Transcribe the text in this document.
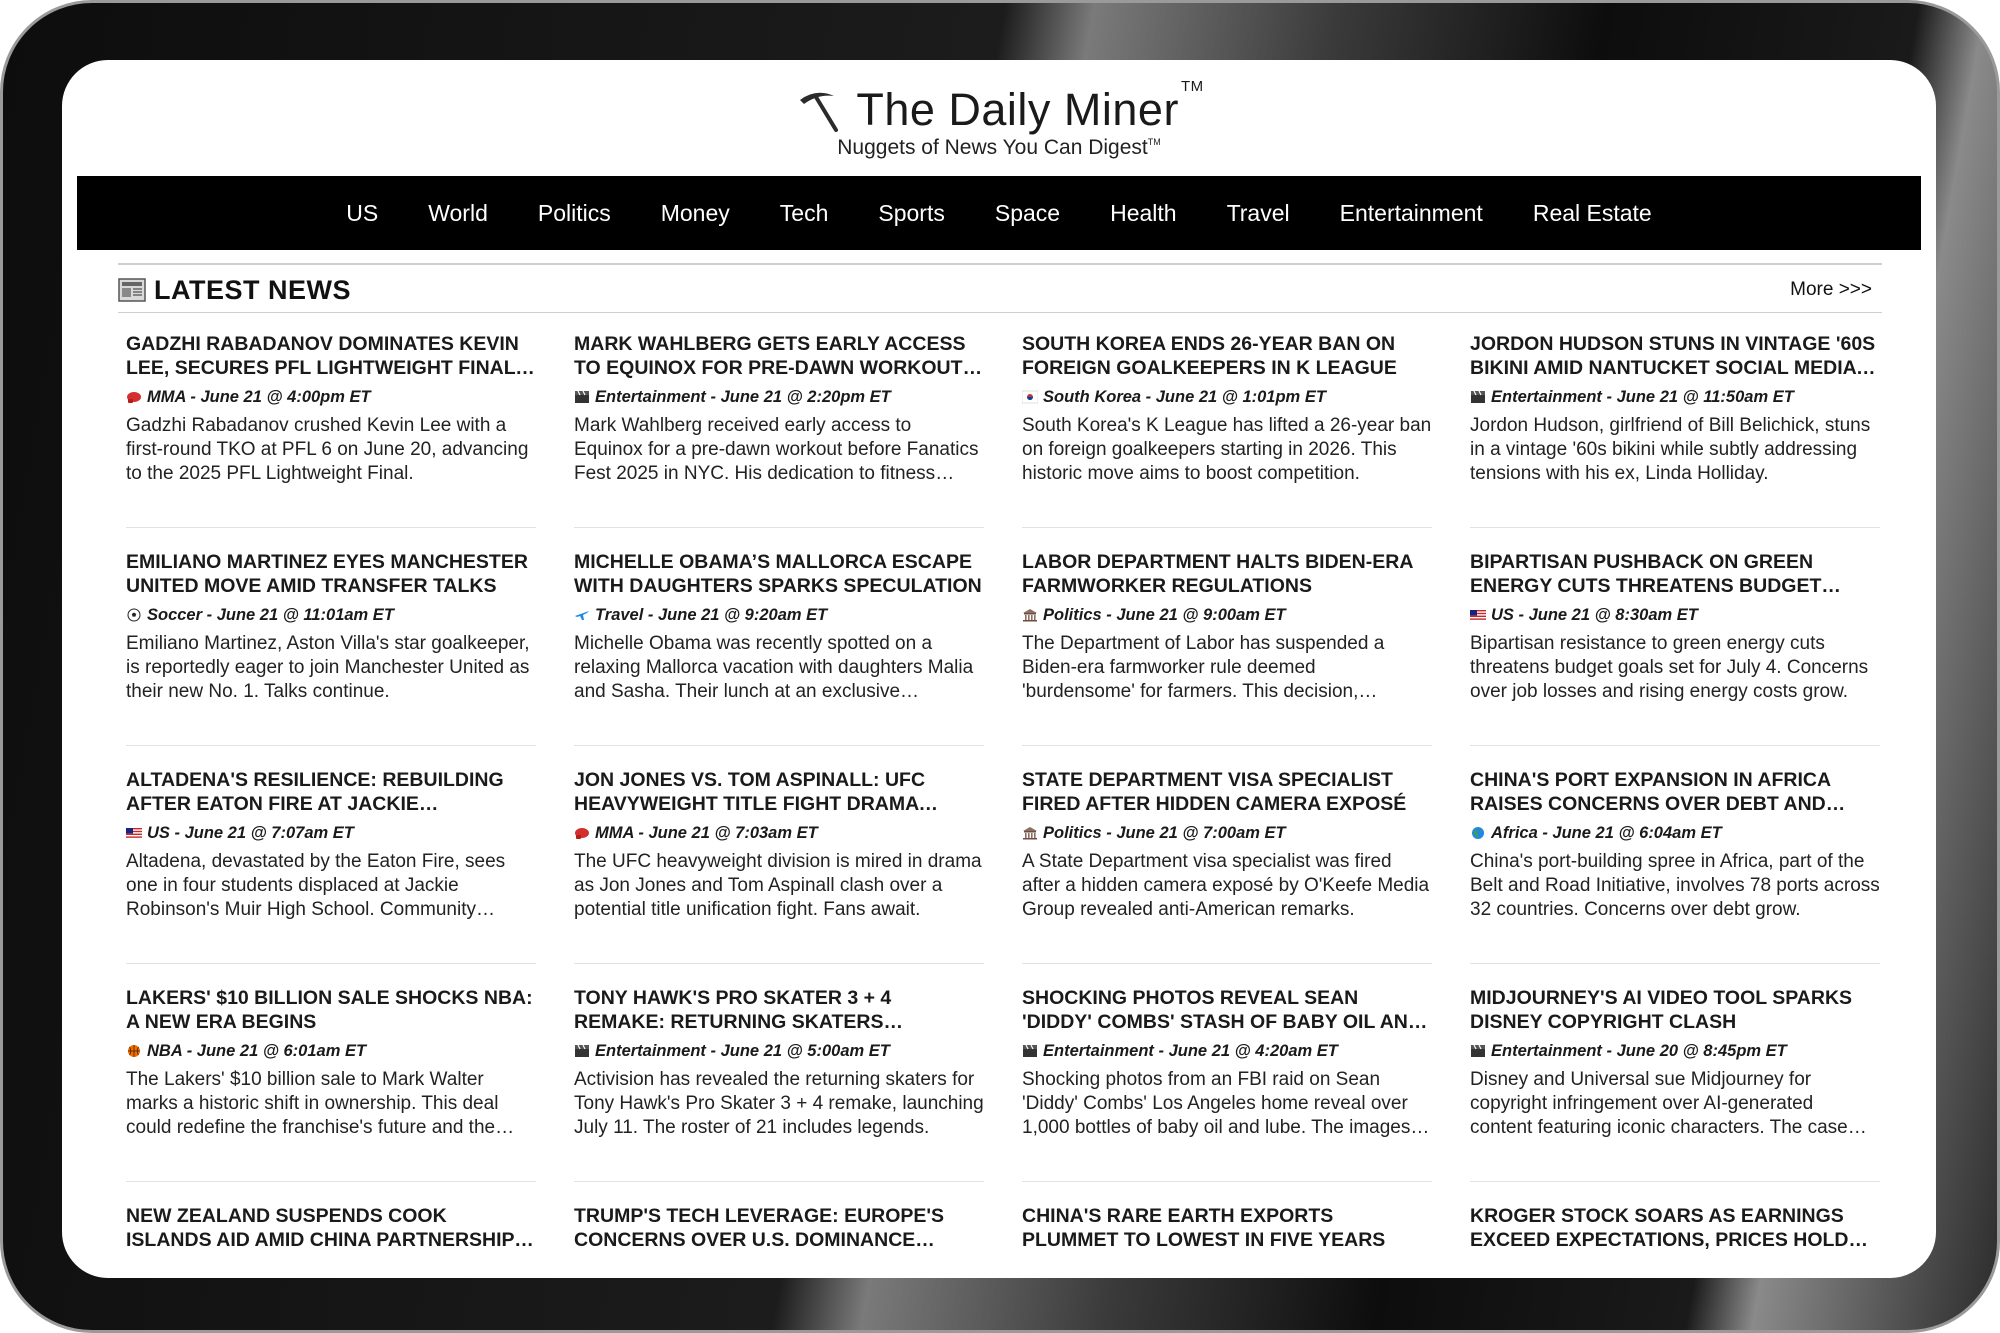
The Daily Miner ™
Nuggets of News You Can Digest™
US World Politics Money Tech Sports Space Health Travel Entertainment Real Estate
LATEST NEWS	More >>>
GADZHI RABADANOV DOMINATES KEVIN LEE, SECURES PFL LIGHTWEIGHT FINAL
MMA - June 21 @ 4:00pm ET
Gadzhi Rabadanov crushed Kevin Lee with a first-round TKO at PFL 6 on June 20, advancing to the 2025 PFL Lightweight Final.
MARK WAHLBERG GETS EARLY ACCESS TO EQUINOX FOR PRE-DAWN WORKOUT
Entertainment - June 21 @ 2:20pm ET
Mark Wahlberg received early access to Equinox for a pre-dawn workout before Fanatics Fest 2025 in NYC. His dedication to fitness
SOUTH KOREA ENDS 26-YEAR BAN ON FOREIGN GOALKEEPERS IN K LEAGUE
South Korea - June 21 @ 1:01pm ET
South Korea's K League has lifted a 26-year ban on foreign goalkeepers starting in 2026. This historic move aims to boost competition.
JORDON HUDSON STUNS IN VINTAGE '60S BIKINI AMID NANTUCKET SOCIAL MEDIA
Entertainment - June 21 @ 11:50am ET
Jordon Hudson, girlfriend of Bill Belichick, stuns in a vintage '60s bikini while subtly addressing tensions with his ex, Linda Holliday.
EMILIANO MARTINEZ EYES MANCHESTER UNITED MOVE AMID TRANSFER TALKS
Soccer - June 21 @ 11:01am ET
Emiliano Martinez, Aston Villa's star goalkeeper, is reportedly eager to join Manchester United as their new No. 1. Talks continue.
MICHELLE OBAMA’S MALLORCA ESCAPE WITH DAUGHTERS SPARKS SPECULATION
Travel - June 21 @ 9:20am ET
Michelle Obama was recently spotted on a relaxing Mallorca vacation with daughters Malia and Sasha. Their lunch at an exclusive
LABOR DEPARTMENT HALTS BIDEN-ERA FARMWORKER REGULATIONS
Politics - June 21 @ 9:00am ET
The Department of Labor has suspended a Biden-era farmworker rule deemed 'burdensome' for farmers. This decision,
BIPARTISAN PUSHBACK ON GREEN ENERGY CUTS THREATENS BUDGET
US - June 21 @ 8:30am ET
Bipartisan resistance to green energy cuts threatens budget goals set for July 4. Concerns over job losses and rising energy costs grow.
ALTADENA'S RESILIENCE: REBUILDING AFTER EATON FIRE AT JACKIE
US - June 21 @ 7:07am ET
Altadena, devastated by the Eaton Fire, sees one in four students displaced at Jackie Robinson's Muir High School. Community
JON JONES VS. TOM ASPINALL: UFC HEAVYWEIGHT TITLE FIGHT DRAMA
MMA - June 21 @ 7:03am ET
The UFC heavyweight division is mired in drama as Jon Jones and Tom Aspinall clash over a potential title unification fight. Fans await.
STATE DEPARTMENT VISA SPECIALIST FIRED AFTER HIDDEN CAMERA EXPOSÉ
Politics - June 21 @ 7:00am ET
A State Department visa specialist was fired after a hidden camera exposé by O'Keefe Media Group revealed anti-American remarks.
CHINA'S PORT EXPANSION IN AFRICA RAISES CONCERNS OVER DEBT AND
Africa - June 21 @ 6:04am ET
China's port-building spree in Africa, part of the Belt and Road Initiative, involves 78 ports across 32 countries. Concerns over debt grow.
LAKERS' $10 BILLION SALE SHOCKS NBA: A NEW ERA BEGINS
NBA - June 21 @ 6:01am ET
The Lakers' $10 billion sale to Mark Walter marks a historic shift in ownership. This deal could redefine the franchise's future and the
TONY HAWK'S PRO SKATER 3 + 4 REMAKE: RETURNING SKATERS
Entertainment - June 21 @ 5:00am ET
Activision has revealed the returning skaters for Tony Hawk's Pro Skater 3 + 4 remake, launching July 11. The roster of 21 includes legends.
SHOCKING PHOTOS REVEAL SEAN 'DIDDY' COMBS' STASH OF BABY OIL AND
Entertainment - June 21 @ 4:20am ET
Shocking photos from an FBI raid on Sean 'Diddy' Combs' Los Angeles home reveal over 1,000 bottles of baby oil and lube. The images
MIDJOURNEY'S AI VIDEO TOOL SPARKS DISNEY COPYRIGHT CLASH
Entertainment - June 20 @ 8:45pm ET
Disney and Universal sue Midjourney for copyright infringement over AI-generated content featuring iconic characters. The case
NEW ZEALAND SUSPENDS COOK ISLANDS AID AMID CHINA PARTNERSHIP
TRUMP'S TECH LEVERAGE: EUROPE'S CONCERNS OVER U.S. DOMINANCE
CHINA'S RARE EARTH EXPORTS PLUMMET TO LOWEST IN FIVE YEARS
KROGER STOCK SOARS AS EARNINGS EXCEED EXPECTATIONS, PRICES HOLD
